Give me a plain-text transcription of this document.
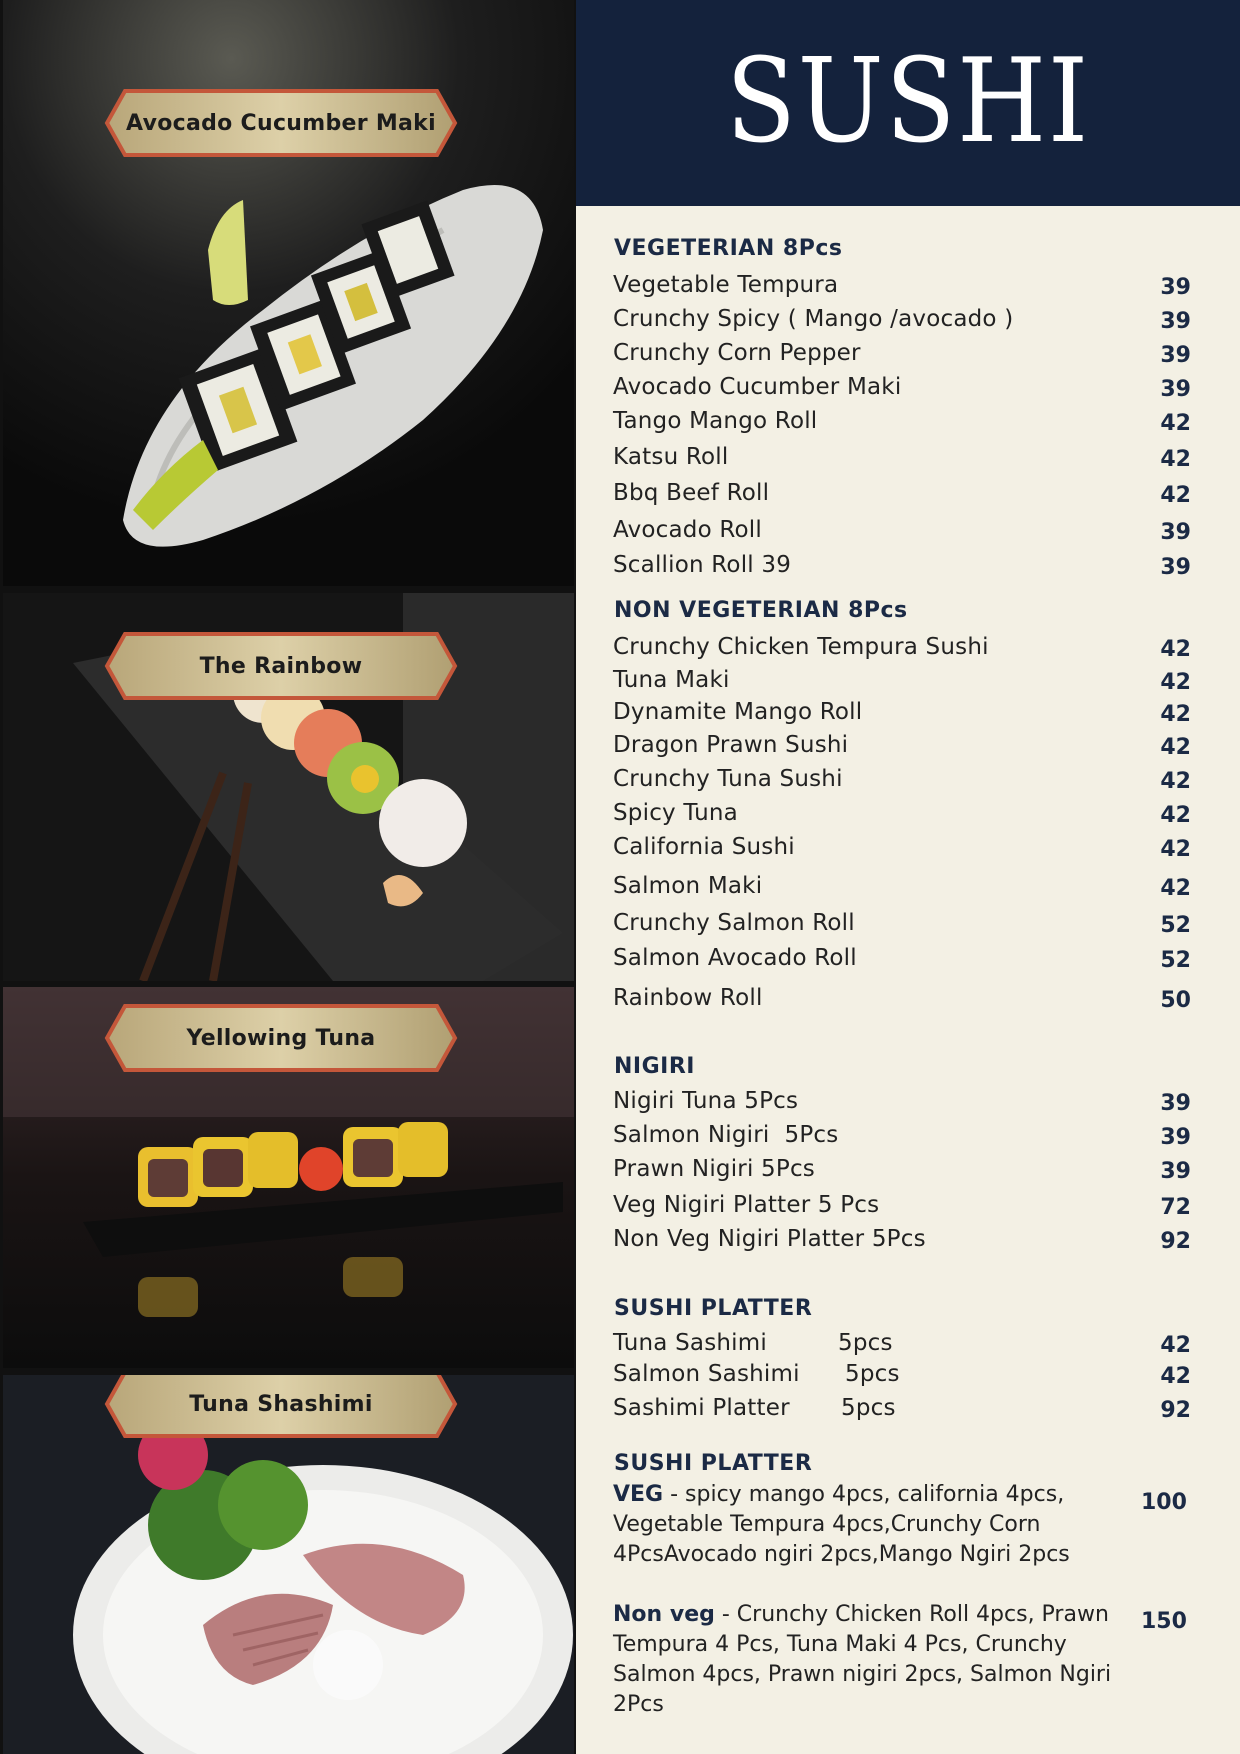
Avocado Cucumber Maki
The Rainbow
Yellowing Tuna
Tuna Shashimi
SUSHI
VEGETERIAN 8Pcs
Vegetable Tempura	39
Crunchy Spicy ( Mango /avocado )	39
Crunchy Corn Pepper	39
Avocado Cucumber Maki	39
Tango Mango Roll	42
Katsu Roll	42
Bbq Beef Roll	42
Avocado Roll	39
Scallion Roll 39	39
NON VEGETERIAN 8Pcs
Crunchy Chicken Tempura Sushi	42
Tuna Maki	42
Dynamite Mango Roll	42
Dragon Prawn Sushi	42
Crunchy Tuna Sushi	42
Spicy Tuna	42
California Sushi	42
Salmon Maki	42
Crunchy Salmon Roll	52
Salmon Avocado Roll	52
Rainbow Roll	50
NIGIRI
Nigiri Tuna 5Pcs	39
Salmon Nigiri  5Pcs	39
Prawn Nigiri 5Pcs	39
Veg Nigiri Platter 5 Pcs	72
Non Veg Nigiri Platter 5Pcs	92
SUSHI PLATTER
Tuna Sashimi	5pcs	42
Salmon Sashimi 5pcs	42
Sashimi Platter 5pcs	92
SUSHI PLATTER
VEG - spicy mango 4pcs, california 4pcs, Vegetable Tempura 4pcs,Crunchy Corn 4PcsAvocado ngiri 2pcs,Mango Ngiri 2pcs
100
Non veg - Crunchy Chicken Roll 4pcs, Prawn Tempura 4 Pcs, Tuna Maki 4 Pcs, Crunchy Salmon 4pcs, Prawn nigiri 2pcs, Salmon Ngiri 2Pcs
150
